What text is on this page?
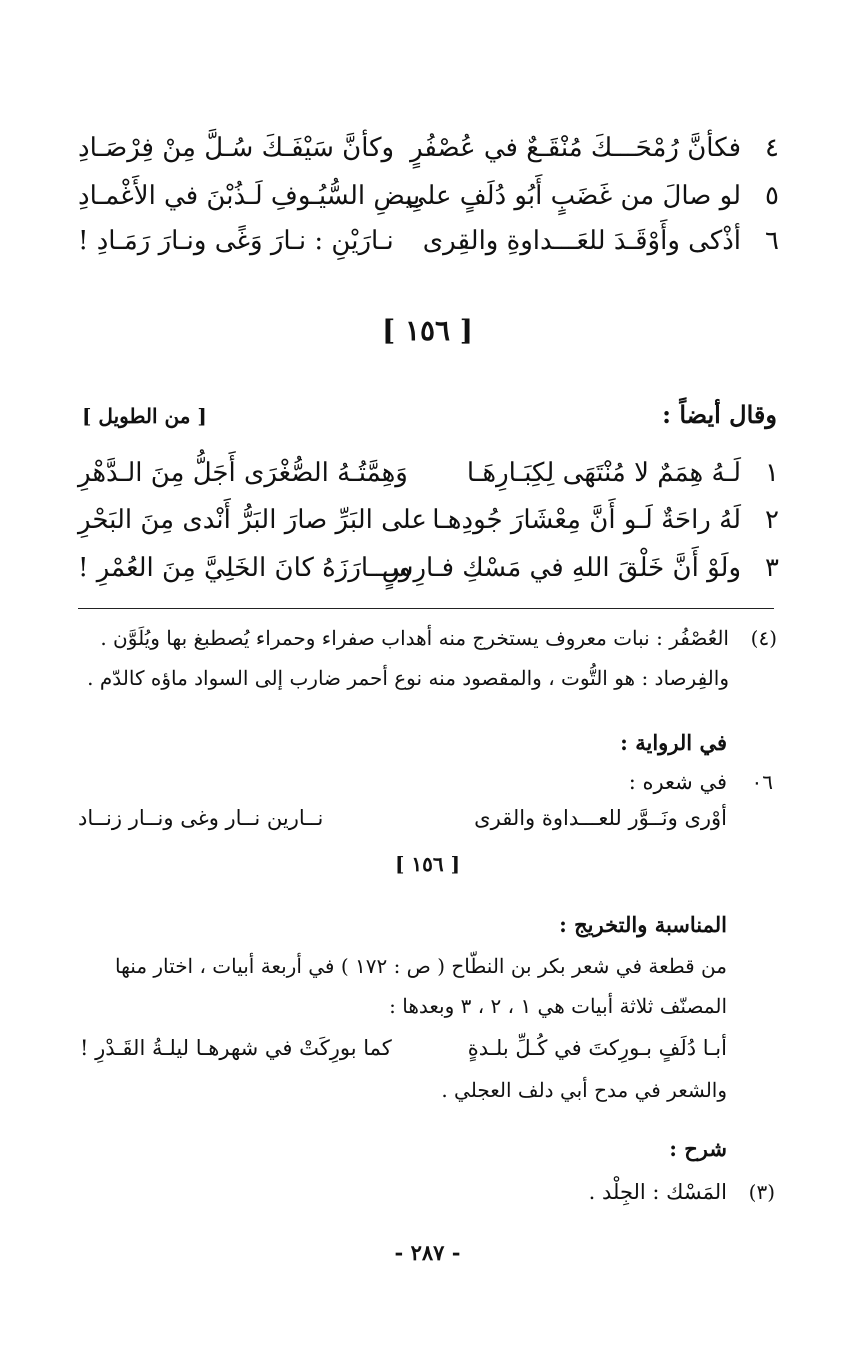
٤
فكأنَّ رُمْحَـــكَ مُنْقَـعٌ في عُصْفُرٍ
وكأنَّ سَيْفَـكَ سُـلَّ مِنْ فِرْصَـادِ
٥
لو صالَ من غَضَبٍ أَبُو دُلَفٍ على
بِيضِ السُّيُـوفِ لَـذُبْنَ في الأَغْمـادِ
٦
أذْكى وأَوْقَـدَ للعَـــداوةِ والقِرى
نـارَيْنِ : نـارَ وَغًى ونـارَ رَمَـادِ !
[ ١٥٦ ]
وقال أيضاً :
[ من الطويل ]
١
لَـهُ هِمَمٌ لا مُنْتَهَى لِكِبَـارِهَـا
وَهِمَّتُـهُ الصُّغْرَى أَجَلُّ مِنَ الـدَّهْرِ
٢
لَهُ راحَةٌ لَـو أَنَّ مِعْشَارَ جُودِهـا
على البَرِّ صارَ البَرُّ أَنْدى مِنَ البَحْرِ
٣
ولَوْ أَنَّ خَلْقَ اللهِ في مَسْكِ فـارِسٍ
وبـــارَزَهُ كانَ الخَلِيَّ مِنَ العُمْرِ !
(٤)
العُصْفُر : نبات معروف يستخرج منه أهداب صفراء وحمراء يُصطبغ بها ويُلَوَّن .
والفِرصاد : هو التُّوت ، والمقصود منه نوع أحمر ضارب إلى السواد ماؤه كالدّم .
في الرواية :
٠٦
في شعره :
أوْرى ونَــوَّر للعـــداوة والقرى
نــارين نــار وغى ونــار زنــاد
[ ١٥٦ ]
المناسبة والتخريج :
من قطعة في شعر بكر بن النطّاح ( ص : ١٧٢ ) في أربعة أبيات ، اختار منها
المصنّف ثلاثة أبيات هي ١ ، ٢ ، ٣ وبعدها :
أبـا دُلَفٍ بـورِكتَ في كُـلِّ بلـدةٍ
كما بورِكَتْ في شهرهـا ليلـةُ القَـدْرِ !
والشعر في مدح أبي دلف العجلي .
شرح :
(٣)
المَسْك : الجِلْد .
- ٢٨٧ -
